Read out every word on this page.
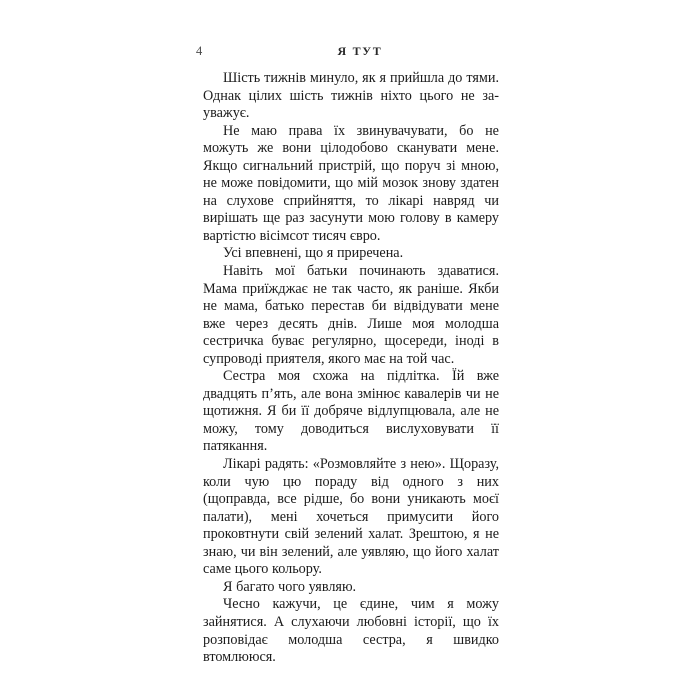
4	Я ТУТ

Шість тижнів минуло, як я прийшла до тями. Однак цілих шість тижнів ніхто цього не зауважує.

Не маю права їх звинувачувати, бо не можуть же вони цілодобово сканувати мене. Якщо сигнальний пристрій, що поруч зі мною, не може повідомити, що мій мозок знову здатен на слухове сприйняття, то лікарі навряд чи вирішать ще раз засунути мою голову в камеру вартістю вісімсот тисяч євро.

Усі впевнені, що я приречена.

Навіть мої батьки починають здаватися. Мама приїжджає не так часто, як раніше. Якби не мама, батько перестав би відвідувати мене вже через десять днів. Лише моя молодша сестричка буває регулярно, щосереди, іноді в супроводі приятеля, якого має на той час.

Сестра моя схожа на підлітка. Їй вже двадцять п’ять, але вона змінює кавалерів чи не щотижня. Я би її добряче відлупцювала, але не можу, тому доводиться вислуховувати її патякання.

Лікарі радять: «Розмовляйте з нею». Щоразу, коли чую цю пораду від одного з них (щоправда, все рідше, бо вони уникають моєї палати), мені хочеться примусити його проковтнути свій зелений халат. Зрештою, я не знаю, чи він зелений, але уявляю, що його халат саме цього кольору.

Я багато чого уявляю.

Чесно кажучи, це єдине, чим я можу зайнятися. А слухаючи любовні історії, що їх розповідає молодша сестра, я швидко втомлююся.
